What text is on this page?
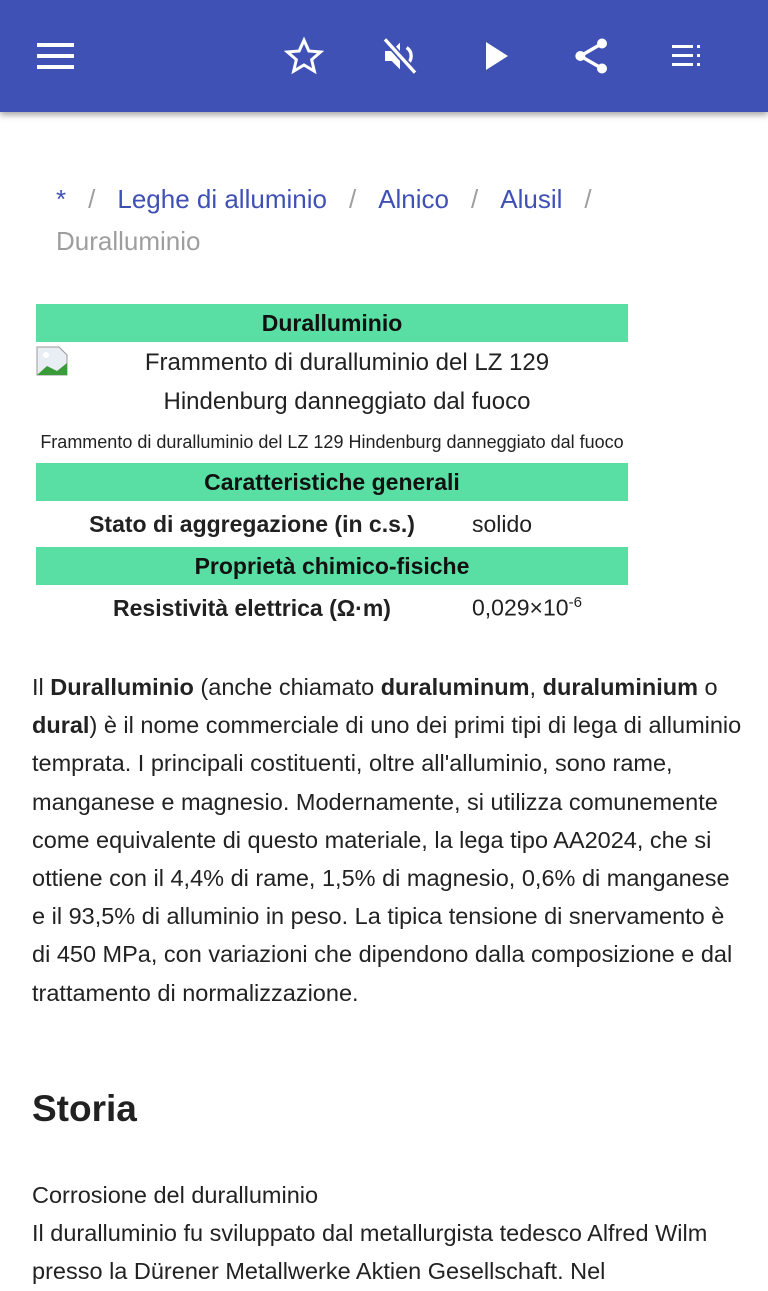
* / Leghe di alluminio / Alnico / Alusil /
Duralluminio
Duralluminio
Frammento di duralluminio del LZ 129 Hindenburg danneggiato dal fuoco
Frammento di duralluminio del LZ 129 Hindenburg danneggiato dal fuoco
Caratteristiche generali
Stato di aggregazione (in c.s.)	solido
Proprietà chimico-fisiche
Resistività elettrica (Ω·m)	$0,029\times 10^{-6}$

Il Duralluminio (anche chiamato duraluminum, duraluminium o dural) è il nome commerciale di uno dei primi tipi di lega di alluminio temprata. I principali costituenti, oltre all'alluminio, sono rame, manganese e magnesio. Modernamente, si utilizza comunemente come equivalente di questo materiale, la lega tipo AA2024, che si ottiene con il 4,4% di rame, 1,5% di magnesio, 0,6% di manganese e il 93,5% di alluminio in peso. La tipica tensione di snervamento è di 450 MPa, con variazioni che dipendono dalla composizione e dal trattamento di normalizzazione.

Storia
Corrosione del duralluminio
Il duralluminio fu sviluppato dal metallurgista tedesco Alfred Wilm presso la Dürener Metallwerke Aktien Gesellschaft. Nel
